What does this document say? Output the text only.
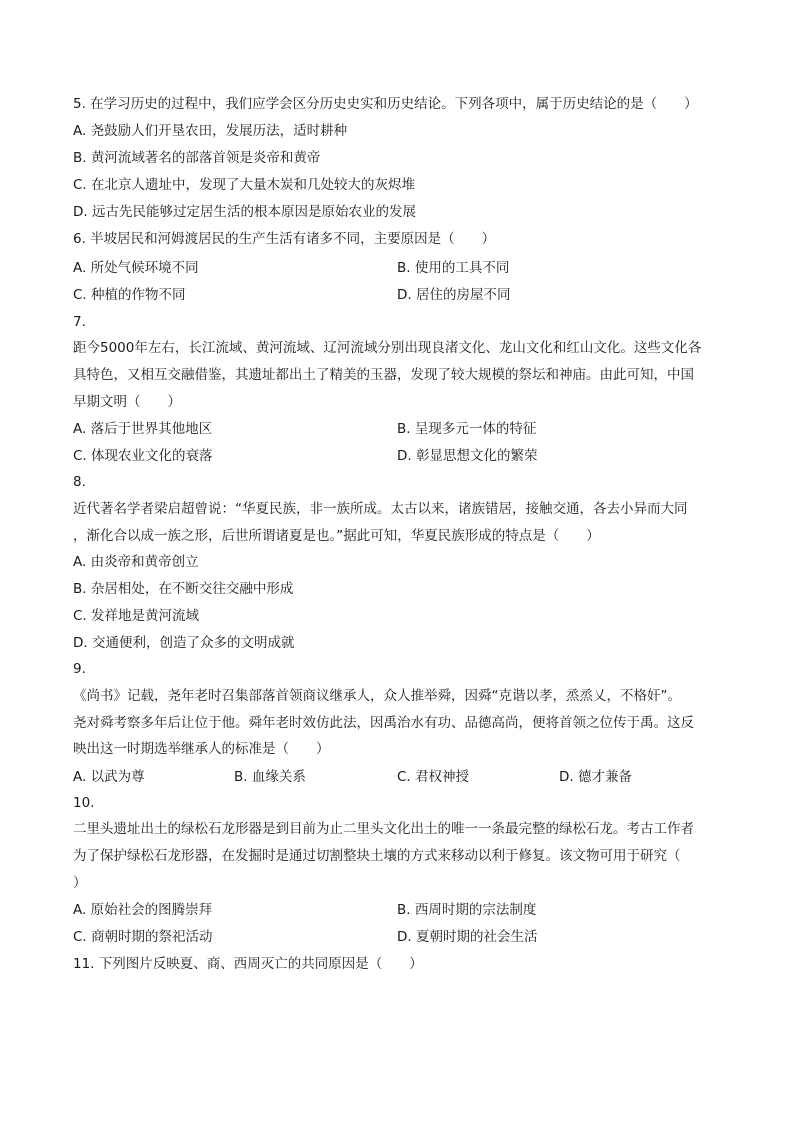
5. 在学习历史的过程中，我们应学会区分历史史实和历史结论。下列各项中，属于历史结论的是（　　）
A. 尧鼓励人们开垦农田，发展历法，适时耕种
B. 黄河流域著名的部落首领是炎帝和黄帝
C. 在北京人遗址中，发现了大量木炭和几处较大的灰烬堆
D. 远古先民能够过定居生活的根本原因是原始农业的发展
6. 半坡居民和河姆渡居民的生产生活有诸多不同，主要原因是（　　）
A. 所处气候环境不同	B. 使用的工具不同
C. 种植的作物不同	D. 居住的房屋不同
7.
距今5000年左右，长江流域、黄河流域、辽河流域分别出现良渚文化、龙山文化和红山文化。这些文化各
具特色，又相互交融借鉴，其遗址都出土了精美的玉器，发现了较大规模的祭坛和神庙。由此可知，中国
早期文明（　　）
A. 落后于世界其他地区	B. 呈现多元一体的特征
C. 体现农业文化的衰落	D. 彰显思想文化的繁荣
8.
近代著名学者梁启超曾说：“华夏民族，非一族所成。太古以来，诸族错居，接触交通，各去小异而大同
，渐化合以成一族之形，后世所谓诸夏是也。”据此可知，华夏民族形成的特点是（　　）
A. 由炎帝和黄帝创立
B. 杂居相处，在不断交往交融中形成
C. 发祥地是黄河流域
D. 交通便利，创造了众多的文明成就
9.
《尚书》记载，尧年老时召集部落首领商议继承人，众人推举舜，因舜“克谐以孝，烝烝乂，不格奸”。
尧对舜考察多年后让位于他。舜年老时效仿此法，因禹治水有功、品德高尚，便将首领之位传于禹。这反
映出这一时期选举继承人的标准是（　　）
A. 以武为尊	B. 血缘关系	C. 君权神授	D. 德才兼备
10.
二里头遗址出土的绿松石龙形器是到目前为止二里头文化出土的唯一一条最完整的绿松石龙。考古工作者
为了保护绿松石龙形器，在发掘时是通过切割整块土壤的方式来移动以利于修复。该文物可用于研究（
）
A. 原始社会的图腾崇拜	B. 西周时期的宗法制度
C. 商朝时期的祭祀活动	D. 夏朝时期的社会生活
11. 下列图片反映夏、商、西周灭亡的共同原因是（　　）
